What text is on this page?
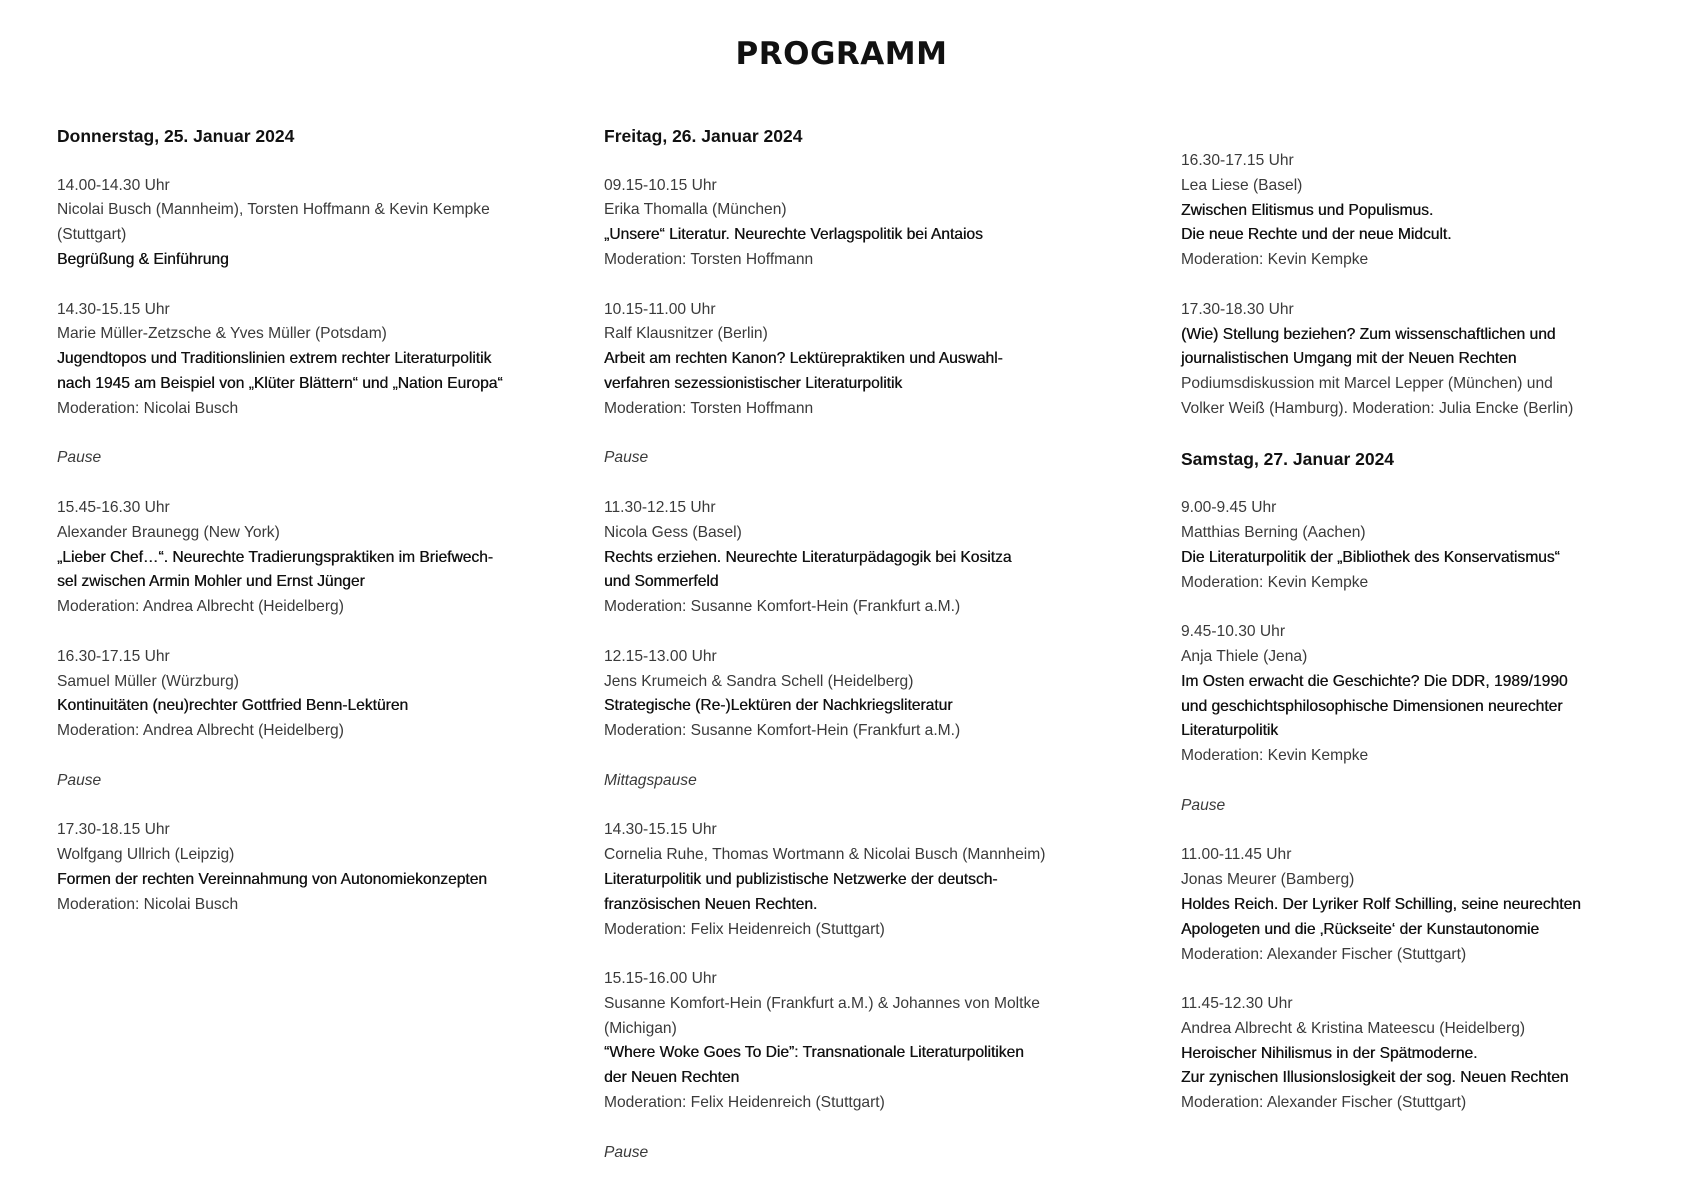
PROGRAMM
Donnerstag, 25. Januar 2024
14.00-14.30 Uhr
Nicolai Busch (Mannheim), Torsten Hoffmann & Kevin Kempke
(Stuttgart)
Begrüßung & Einführung
14.30-15.15 Uhr
Marie Müller-Zetzsche & Yves Müller (Potsdam)
Jugendtopos und Traditionslinien extrem rechter Literaturpolitik
nach 1945 am Beispiel von „Klüter Blättern“ und „Nation Europa“
Moderation: Nicolai Busch
Pause
15.45-16.30 Uhr
Alexander Braunegg (New York)
„Lieber Chef…“. Neurechte Tradierungspraktiken im Briefwech-
sel zwischen Armin Mohler und Ernst Jünger
Moderation: Andrea Albrecht (Heidelberg)
16.30-17.15 Uhr
Samuel Müller (Würzburg)
Kontinuitäten (neu)rechter Gottfried Benn-Lektüren
Moderation: Andrea Albrecht (Heidelberg)
Pause
17.30-18.15 Uhr
Wolfgang Ullrich (Leipzig)
Formen der rechten Vereinnahmung von Autonomiekonzepten
Moderation: Nicolai Busch
Freitag, 26. Januar 2024
09.15-10.15 Uhr
Erika Thomalla (München)
„Unsere“ Literatur. Neurechte Verlagspolitik bei Antaios
Moderation: Torsten Hoffmann
10.15-11.00 Uhr
Ralf Klausnitzer (Berlin)
Arbeit am rechten Kanon? Lektürepraktiken und Auswahl-
verfahren sezessionistischer Literaturpolitik
Moderation: Torsten Hoffmann
Pause
11.30-12.15 Uhr
Nicola Gess (Basel)
Rechts erziehen. Neurechte Literaturpädagogik bei Kositza
und Sommerfeld
Moderation: Susanne Komfort-Hein (Frankfurt a.M.)
12.15-13.00 Uhr
Jens Krumeich & Sandra Schell (Heidelberg)
Strategische (Re-)Lektüren der Nachkriegsliteratur
Moderation: Susanne Komfort-Hein (Frankfurt a.M.)
Mittagspause
14.30-15.15 Uhr
Cornelia Ruhe, Thomas Wortmann & Nicolai Busch (Mannheim)
Literaturpolitik und publizistische Netzwerke der deutsch-
französischen Neuen Rechten.
Moderation: Felix Heidenreich (Stuttgart)
15.15-16.00 Uhr
Susanne Komfort-Hein (Frankfurt a.M.) & Johannes von Moltke
(Michigan)
“Where Woke Goes To Die”: Transnationale Literaturpolitiken
der Neuen Rechten
Moderation: Felix Heidenreich (Stuttgart)
Pause
16.30-17.15 Uhr
Lea Liese (Basel)
Zwischen Elitismus und Populismus.
Die neue Rechte und der neue Midcult.
Moderation: Kevin Kempke
17.30-18.30 Uhr
(Wie) Stellung beziehen? Zum wissenschaftlichen und
journalistischen Umgang mit der Neuen Rechten
Podiumsdiskussion mit Marcel Lepper (München) und
Volker Weiß (Hamburg). Moderation: Julia Encke (Berlin)
Samstag, 27. Januar 2024
9.00-9.45 Uhr
Matthias Berning (Aachen)
Die Literaturpolitik der „Bibliothek des Konservatismus“
Moderation: Kevin Kempke
9.45-10.30 Uhr
Anja Thiele (Jena)
Im Osten erwacht die Geschichte? Die DDR, 1989/1990
und geschichtsphilosophische Dimensionen neurechter
Literaturpolitik
Moderation: Kevin Kempke
Pause
11.00-11.45 Uhr
Jonas Meurer (Bamberg)
Holdes Reich. Der Lyriker Rolf Schilling, seine neurechten
Apologeten und die ‚Rückseite‘ der Kunstautonomie
Moderation: Alexander Fischer (Stuttgart)
11.45-12.30 Uhr
Andrea Albrecht & Kristina Mateescu (Heidelberg)
Heroischer Nihilismus in der Spätmoderne.
Zur zynischen Illusionslosigkeit der sog. Neuen Rechten
Moderation: Alexander Fischer (Stuttgart)
